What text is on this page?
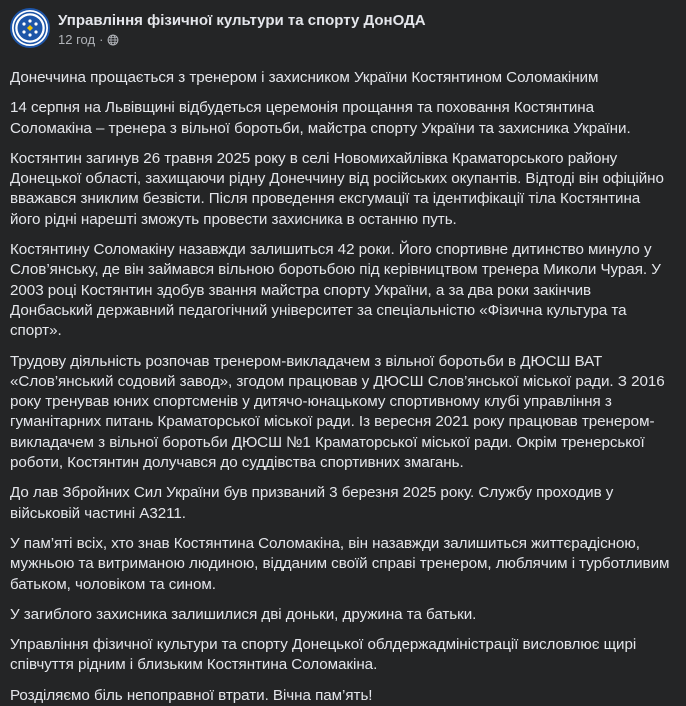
Управління фізичної культури та спорту ДонОДА
12 год ·

Донеччина прощається з тренером і захисником України Костянтином Соломакіним

14 серпня на Львівщині відбудеться церемонія прощання та поховання Костянтина Соломакіна – тренера з вільної боротьби, майстра спорту України та захисника України.

Костянтин загинув 26 травня 2025 року в селі Новомихайлівка Краматорського району Донецької області, захищаючи рідну Донеччину від російських окупантів. Відтоді він офіційно вважався зниклим безвісти. Після проведення ексгумації та ідентифікації тіла Костянтина його рідні нарешті зможуть провести захисника в останню путь.

Костянтину Соломакіну назавжди залишиться 42 роки. Його спортивне дитинство минуло у Слов’янську, де він займався вільною боротьбою під керівництвом тренера Миколи Чурая. У 2003 році Костянтин здобув звання майстра спорту України, а за два роки закінчив Донбаський державний педагогічний університет за спеціальністю «Фізична культура та спорт».

Трудову діяльність розпочав тренером-викладачем з вільної боротьби в ДЮСШ ВАТ «Слов’янський содовий завод», згодом працював у ДЮСШ Слов’янської міської ради. З 2016 року тренував юних спортсменів у дитячо-юнацькому спортивному клубі управління з гуманітарних питань Краматорської міської ради. Із вересня 2021 року працював тренером-викладачем з вільної боротьби ДЮСШ №1 Краматорської міської ради. Окрім тренерської роботи, Костянтин долучався до суддівства спортивних змагань.

До лав Збройних Сил України був призваний 3 березня 2025 року. Службу проходив у військовій частині А3211.

У пам’яті всіх, хто знав Костянтина Соломакіна, він назавжди залишиться життєрадісною, мужньою та витриманою людиною, відданим своїй справі тренером, люблячим і турботливим батьком, чоловіком та сином.

У загиблого захисника залишилися дві доньки, дружина та батьки.

Управління фізичної культури та спорту Донецької облдержадміністрації висловлює щирі співчуття рідним і близьким Костянтина Соломакіна.

Розділяємо біль непоправної втрати. Вічна пам’ять!
